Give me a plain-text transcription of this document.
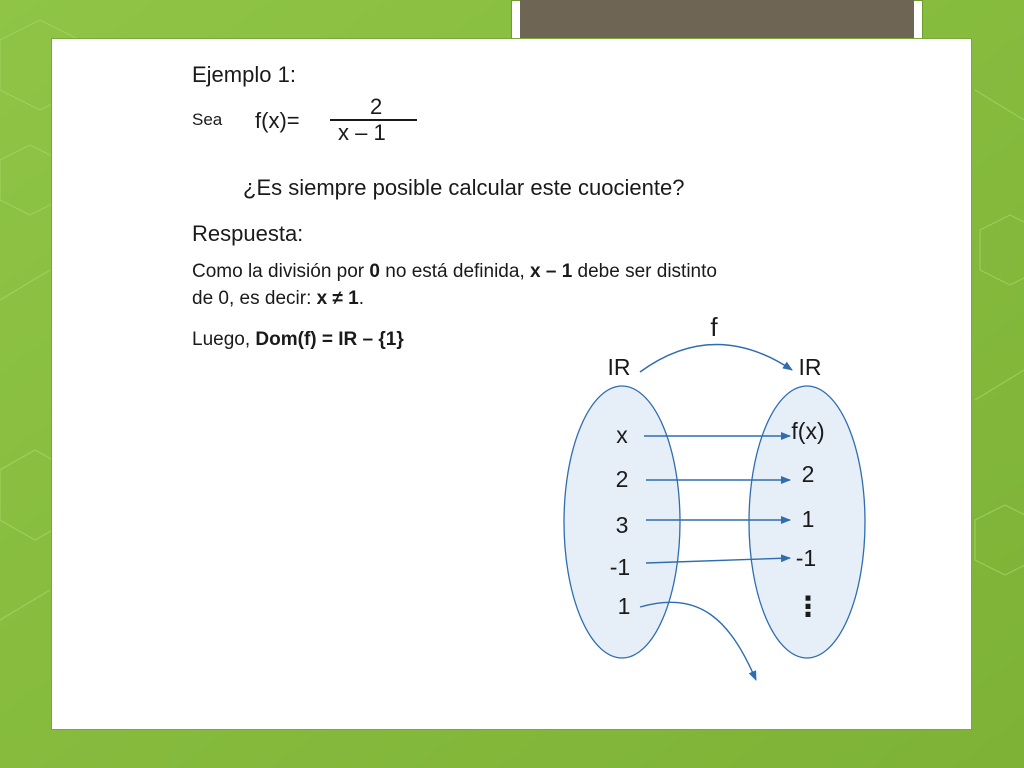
Ejemplo 1:
Sea f(x)=
2
x – 1
¿Es siempre posible calcular este cuociente?
Respuesta:
Como la división por 0 no está definida, x – 1 debe ser distinto
de 0, es decir: x ≠ 1.
Luego, Dom(f) = IR – {1}	f
IR	IR
x
2
3
-1
1
f(x)
2
1
-1
⋮
